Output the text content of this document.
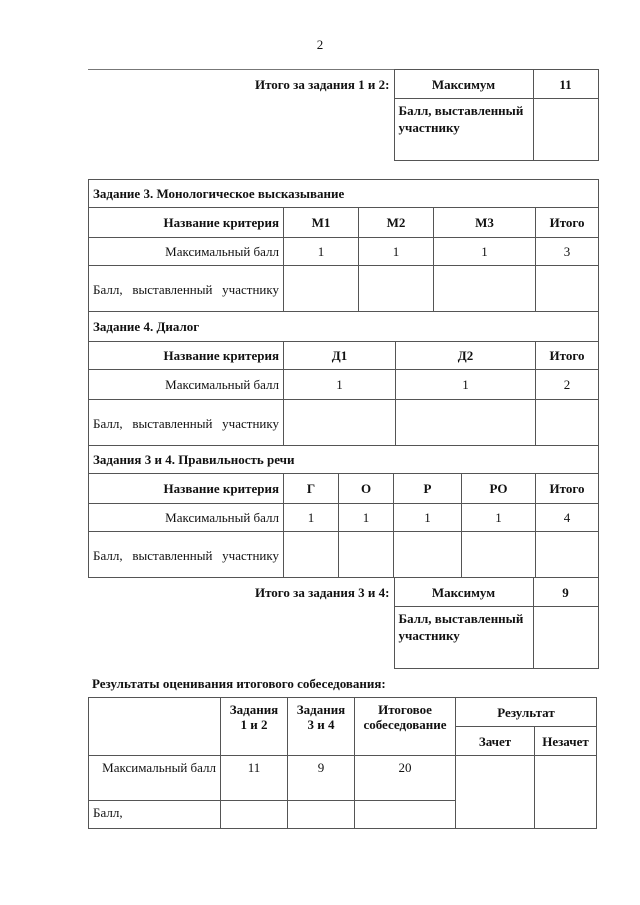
2
Итого за задания 1 и 2:	Максимум	11
	Балл, выставленный участнику	
Задание 3. Монологическое высказывание				
Название критерия	М1	М2	М3	Итого
Максимальный балл	1	1	1	3
Балл, выставленный участнику				
Задание 4. Диалог			
Название критерия	Д1	Д2	Итого
Максимальный балл	1	1	2
Балл, выставленный участнику			
Задания 3 и 4. Правильность речи					
Название критерия	Г	О	Р	РО	Итого
Максимальный балл	1	1	1	1	4
Балл, выставленный участнику					
Итого за задания 3 и 4:	Максимум	9
	Балл, выставленный участнику	
Результаты оценивания итогового собеседования:
	Задания 1 и 2	Задания 3 и 4	Итоговое собеседование	Результат	
				Зачет	Незачет
Максимальный балл	11	9	20		
Балл,					
